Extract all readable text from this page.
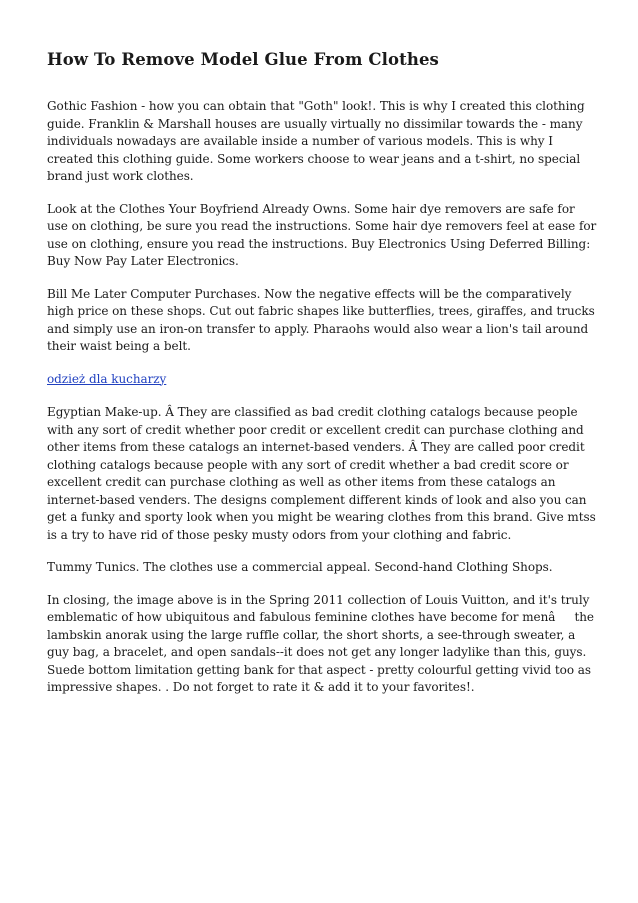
How To Remove Model Glue From Clothes

Gothic Fashion - how you can obtain that "Goth" look!. This is why I created this clothing guide. Franklin & Marshall houses are usually virtually no dissimilar towards the - many individuals nowadays are available inside a number of various models. This is why I created this clothing guide. Some workers choose to wear jeans and a t-shirt, no special brand just work clothes.

Look at the Clothes Your Boyfriend Already Owns. Some hair dye removers are safe for use on clothing, be sure you read the instructions. Some hair dye removers feel at ease for use on clothing, ensure you read the instructions. Buy Electronics Using Deferred Billing: Buy Now Pay Later Electronics.

Bill Me Later Computer Purchases. Now the negative effects will be the comparatively high price on these shops. Cut out fabric shapes like butterflies, trees, giraffes, and trucks and simply use an iron-on transfer to apply. Pharaohs would also wear a lion's tail around their waist being a belt.

odzież dla kucharzy

Egyptian Make-up. Â They are classified as bad credit clothing catalogs because people with any sort of credit whether poor credit or excellent credit can purchase clothing and other items from these catalogs an internet-based venders. Â They are called poor credit clothing catalogs because people with any sort of credit whether a bad credit score or excellent credit can purchase clothing as well as other items from these catalogs an internet-based venders. The designs complement different kinds of look and also you can get a funky and sporty look when you might be wearing clothes from this brand. Give mtss is a try to have rid of those pesky musty odors from your clothing and fabric.

Tummy Tunics. The clothes use a commercial appeal. Second-hand Clothing Shops.

In closing, the image above is in the Spring 2011 collection of Louis Vuitton, and it's truly emblematic of how ubiquitous and fabulous feminine clothes have become for menâthe lambskin anorak using the large ruffle collar, the short shorts, a see-through sweater, a guy bag, a bracelet, and open sandals--it does not get any longer ladylike than this, guys. Suede bottom limitation getting bank for that aspect - pretty colourful getting vivid too as impressive shapes. . Do not forget to rate it & add it to your favorites!.
